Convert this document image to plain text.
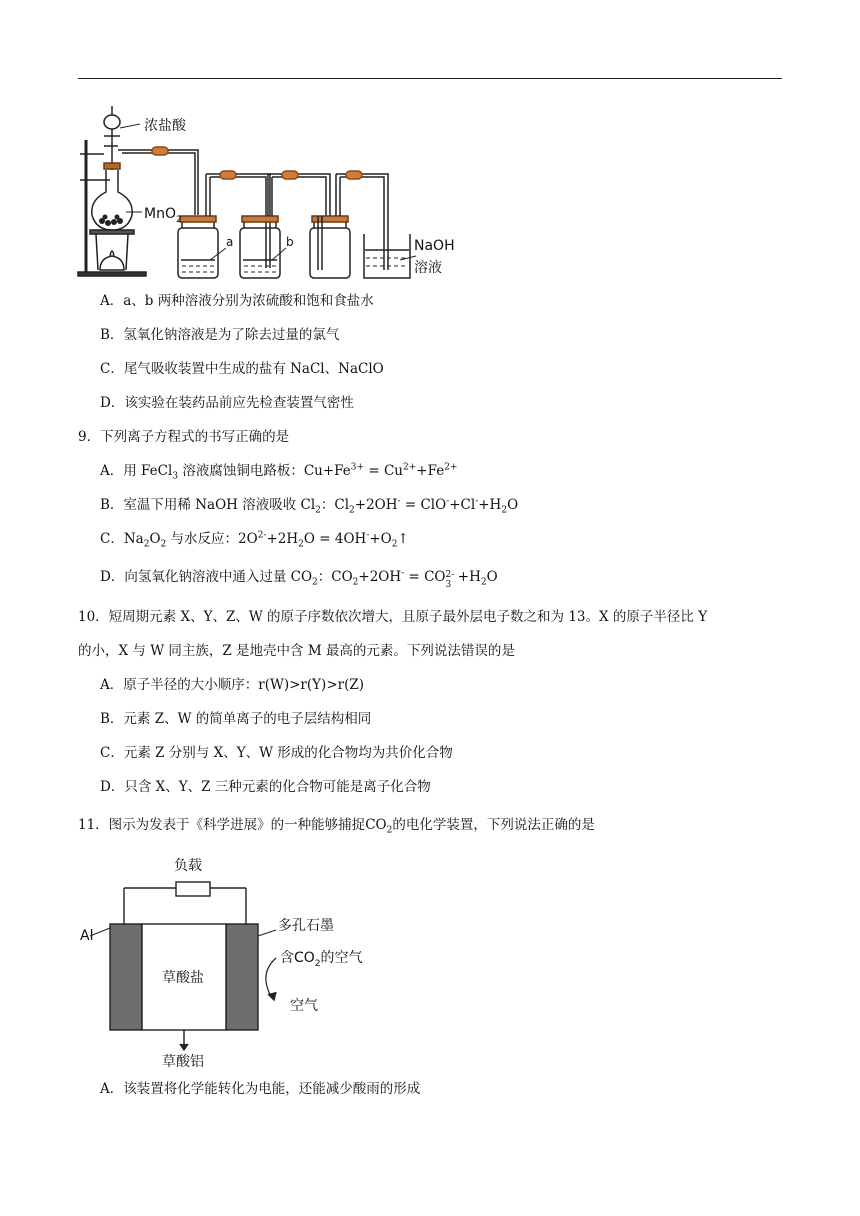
浓盐酸
MnO$_2$
a	b	NaOH
溶液
A．a、b 两种溶液分别为浓硫酸和饱和食盐水
B．氢氧化钠溶液是为了除去过量的氯气
C．尾气吸收装置中生成的盐有 NaCl、NaClO
D．该实验在装药品前应先检查装置气密性
9．下列离子方程式的书写正确的是
A．用 FeCl$_3$ 溶液腐蚀铜电路板：$Cu+Fe^{3+} = Cu^{2+}+Fe^{2+}$
B．室温下用稀 NaOH 溶液吸收 $Cl_2$：$Cl_2+2OH^- = ClO^-+Cl^-+H_2O$
C．$Na_2O_2$ 与水反应：$2O^{2-}+2H_2O$ = $4OH^-+O_2↑$
D．向氢氧化钠溶液中通入过量 $CO_2$：$CO_2+2OH^-$ = CO 2-
$3 +H_2O$
10．短周期元素 X、Y、Z、W 的原子序数依次增大，且原子最外层电子数之和为 13。X 的原子半径比 Y
的小，X 与 W 同主族，Z 是地壳中含 M 最高的元素。下列说法错误的是
A．原子半径的大小顺序：r(W)>r(Y)>r(Z)
B．元素 Z、W 的简单离子的电子层结构相同
C．元素 Z 分别与 X、Y、W 形成的化合物均为共价化合物
D．只含 X、Y、Z 三种元素的化合物可能是离子化合物
11．图示为发表于《科学进展》的一种能够捕捉$CO_2$的电化学装置，下列说法正确的是
负载
多孔石墨
Al
草酸盐
含$CO_2$的空气
空气
草酸铝
A．该装置将化学能转化为电能，还能减少酸雨的形成
